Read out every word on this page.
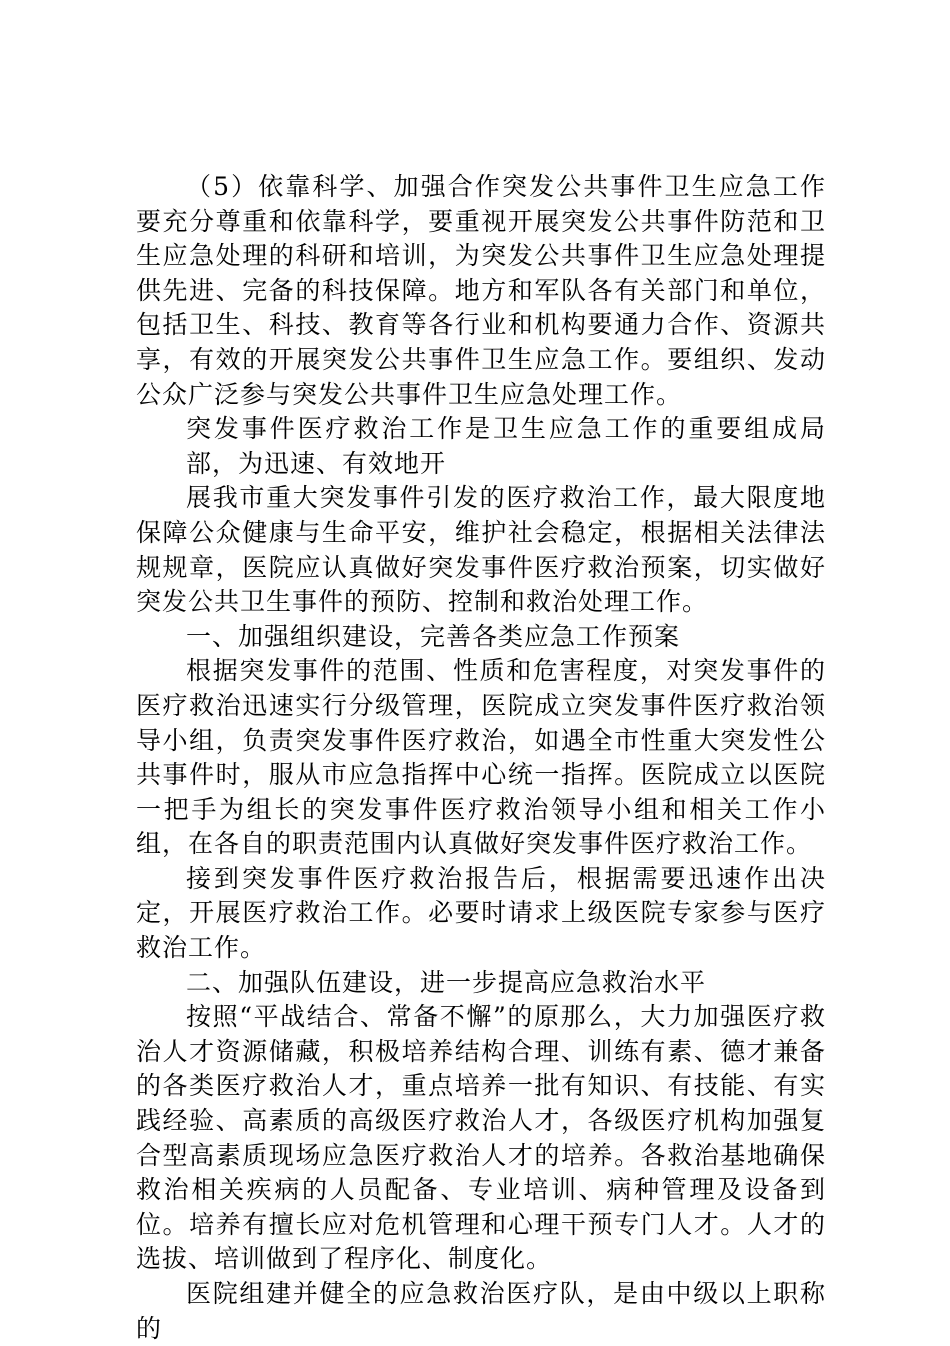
（5）依靠科学、加强合作突发公共事件卫生应急工作要充分尊重和依靠科学，要重视开展突发公共事件防范和卫生应急处理的科研和培训，为突发公共事件卫生应急处理提供先进、完备的科技保障。地方和军队各有关部门和单位，包括卫生、科技、教育等各行业和机构要通力合作、资源共享，有效的开展突发公共事件卫生应急工作。要组织、发动公众广泛参与突发公共事件卫生应急处理工作。

突发事件医疗救治工作是卫生应急工作的重要组成局部，为迅速、有效地开

展我市重大突发事件引发的医疗救治工作，最大限度地保障公众健康与生命平安，维护社会稳定，根据相关法律法规规章，医院应认真做好突发事件医疗救治预案，切实做好突发公共卫生事件的预防、控制和救治处理工作。

一、加强组织建设，完善各类应急工作预案

根据突发事件的范围、性质和危害程度，对突发事件的医疗救治迅速实行分级管理，医院成立突发事件医疗救治领导小组，负责突发事件医疗救治，如遇全市性重大突发性公共事件时，服从市应急指挥中心统一指挥。医院成立以医院一把手为组长的突发事件医疗救治领导小组和相关工作小组，在各自的职责范围内认真做好突发事件医疗救治工作。

接到突发事件医疗救治报告后，根据需要迅速作出决定，开展医疗救治工作。必要时请求上级医院专家参与医疗救治工作。

二、加强队伍建设，进一步提高应急救治水平

按照“平战结合、常备不懈”的原那么，大力加强医疗救治人才资源储藏，积极培养结构合理、训练有素、德才兼备的各类医疗救治人才，重点培养一批有知识、有技能、有实践经验、高素质的高级医疗救治人才，各级医疗机构加强复合型高素质现场应急医疗救治人才的培养。各救治基地确保救治相关疾病的人员配备、专业培训、病种管理及设备到位。培养有擅长应对危机管理和心理干预专门人才。人才的选拔、培训做到了程序化、制度化。

医院组建并健全的应急救治医疗队，是由中级以上职称的
